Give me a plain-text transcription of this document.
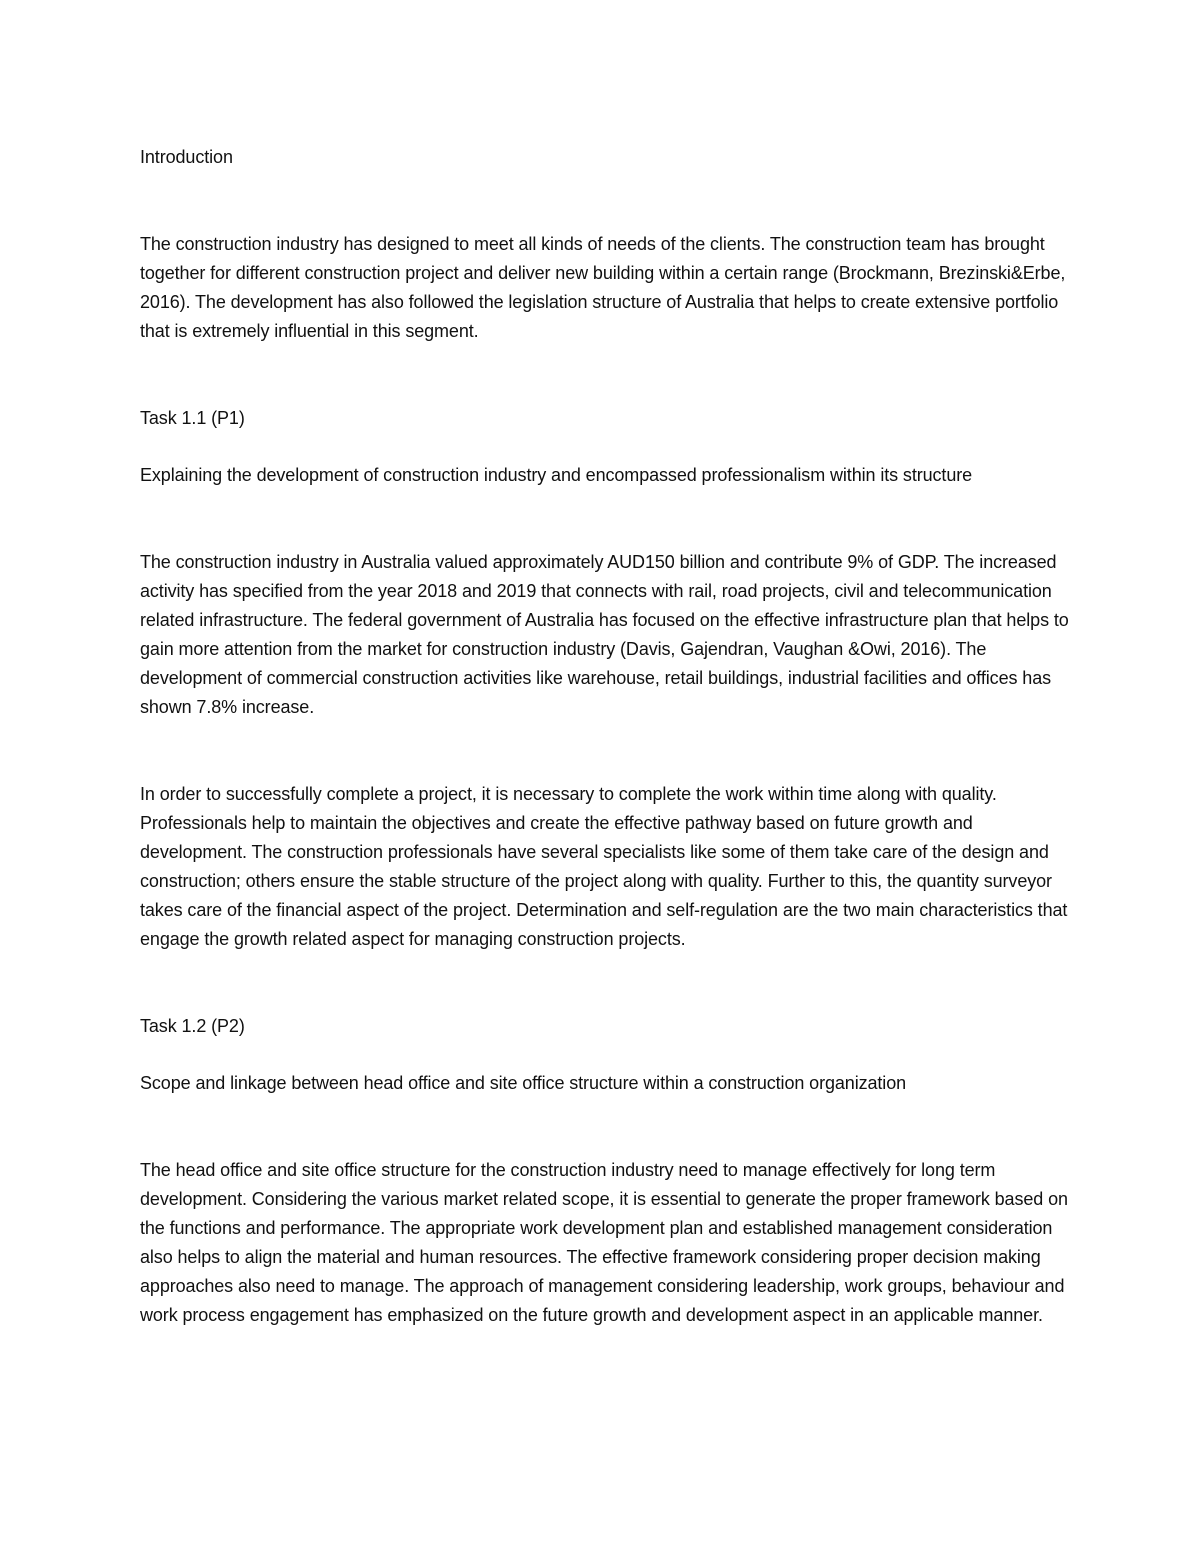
Introduction

The construction industry has designed to meet all kinds of needs of the clients. The construction team has brought together for different construction project and deliver new building within a certain range (Brockmann, Brezinski&Erbe, 2016). The development has also followed the legislation structure of Australia that helps to create extensive portfolio that is extremely influential in this segment.

Task 1.1 (P1)

Explaining the development of construction industry and encompassed professionalism within its structure

The construction industry in Australia valued approximately AUD150 billion and contribute 9% of GDP. The increased activity has specified from the year 2018 and 2019 that connects with rail, road projects, civil and telecommunication related infrastructure. The federal government of Australia has focused on the effective infrastructure plan that helps to gain more attention from the market for construction industry (Davis, Gajendran, Vaughan &Owi, 2016). The development of commercial construction activities like warehouse, retail buildings, industrial facilities and offices has shown 7.8% increase.

In order to successfully complete a project, it is necessary to complete the work within time along with quality. Professionals help to maintain the objectives and create the effective pathway based on future growth and development. The construction professionals have several specialists like some of them take care of the design and construction; others ensure the stable structure of the project along with quality. Further to this, the quantity surveyor takes care of the financial aspect of the project. Determination and self-regulation are the two main characteristics that engage the growth related aspect for managing construction projects.

Task 1.2 (P2)

Scope and linkage between head office and site office structure within a construction organization

The head office and site office structure for the construction industry need to manage effectively for long term development. Considering the various market related scope, it is essential to generate the proper framework based on the functions and performance. The appropriate work development plan and established management consideration also helps to align the material and human resources. The effective framework considering proper decision making approaches also need to manage. The approach of management considering leadership, work groups, behaviour and work process engagement has emphasized on the future growth and development aspect in an applicable manner.
